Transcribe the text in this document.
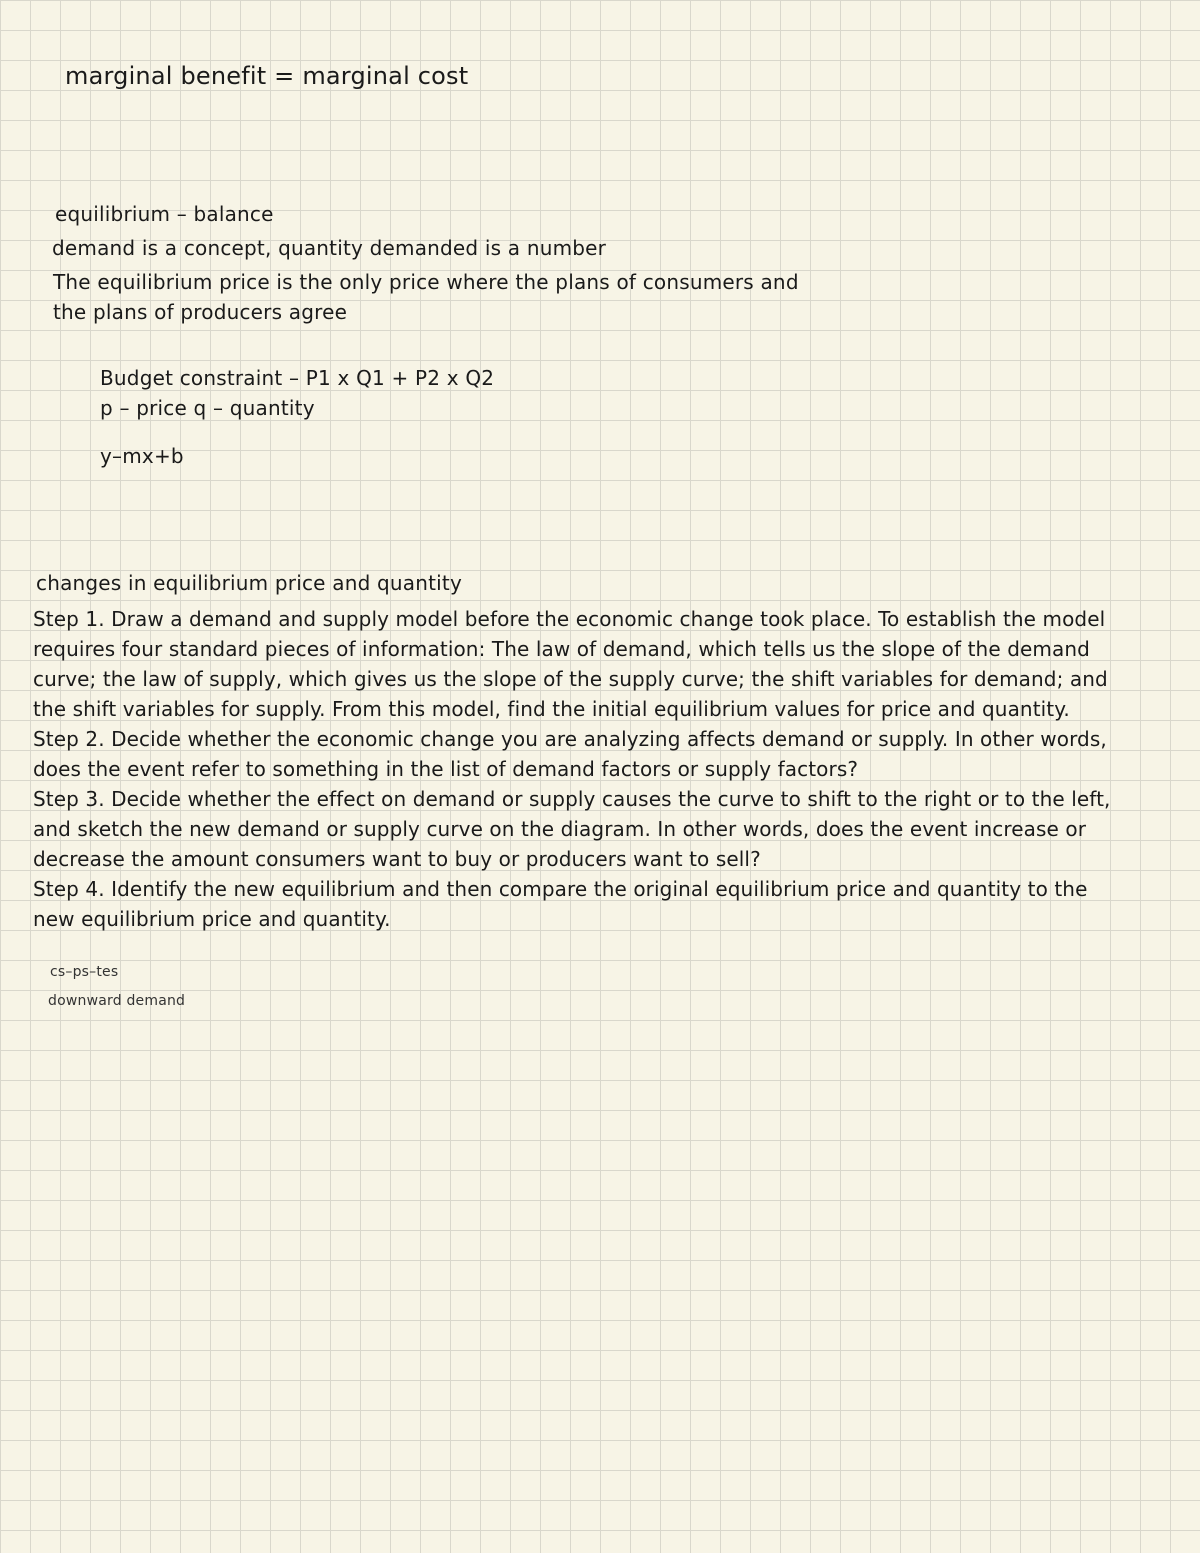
marginal benefit = marginal cost

equilibrium – balance

demand is a concept, quantity demanded is a number

The equilibrium price is the only price where the plans of consumers and

the plans of producers agree

Budget constraint – P1 x Q1 + P2 x Q2

p – price q – quantity

y–mx+b

changes in equilibrium price and quantity

Step 1. Draw a demand and supply model before the economic change took place. To establish the model
requires four standard pieces of information: The law of demand, which tells us the slope of the demand
curve; the law of supply, which gives us the slope of the supply curve; the shift variables for demand; and
the shift variables for supply. From this model, find the initial equilibrium values for price and quantity.
Step 2. Decide whether the economic change you are analyzing affects demand or supply. In other words,
does the event refer to something in the list of demand factors or supply factors?
Step 3. Decide whether the effect on demand or supply causes the curve to shift to the right or to the left,
and sketch the new demand or supply curve on the diagram. In other words, does the event increase or
decrease the amount consumers want to buy or producers want to sell?
Step 4. Identify the new equilibrium and then compare the original equilibrium price and quantity to the
new equilibrium price and quantity.

cs–ps–tes

downward demand
